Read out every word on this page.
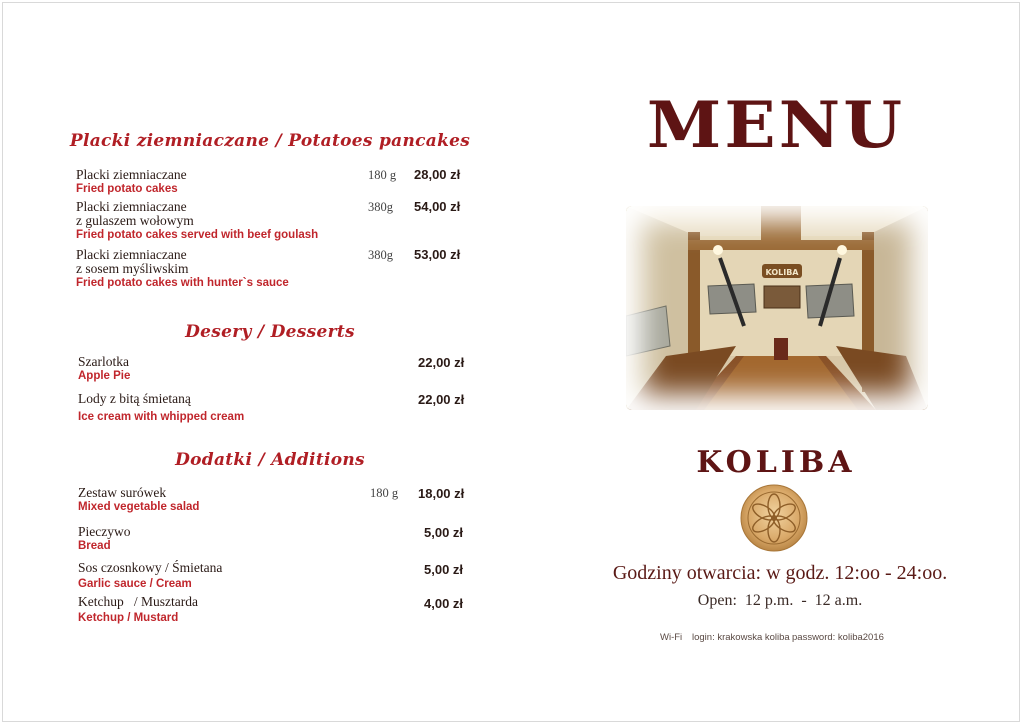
Placki ziemniaczane / Potatoes pancakes
Placki ziemniaczane
Fried potato cakes
180 g 28,00 zł
Placki ziemniaczane
z gulaszem wołowym
Fried potato cakes served with beef goulash
380g 54,00 zł
Placki ziemniaczane
z sosem myśliwskim
Fried potato cakes with hunter`s sauce
380g 53,00 zł
Desery / Desserts
Szarlotka
Apple Pie
22,00 zł
Lody z bitą śmietaną
Ice cream with whipped cream
22,00 zł
Dodatki / Additions
Zestaw surówek
Mixed vegetable salad
180 g 18,00 zł
Pieczywo
Bread
5,00 zł
Sos czosnkowy / Śmietana
Garlic sauce / Cream
5,00 zł
Ketchup   / Musztarda
Ketchup / Mustard
4,00 zł
MENU
KOLIBA
KOLIBA
Godziny otwarcia: w godz. 12:oo - 24:oo.
Open:  12 p.m.  -  12 a.m.
Wi-Fi login: krakowska koliba password: koliba2016
